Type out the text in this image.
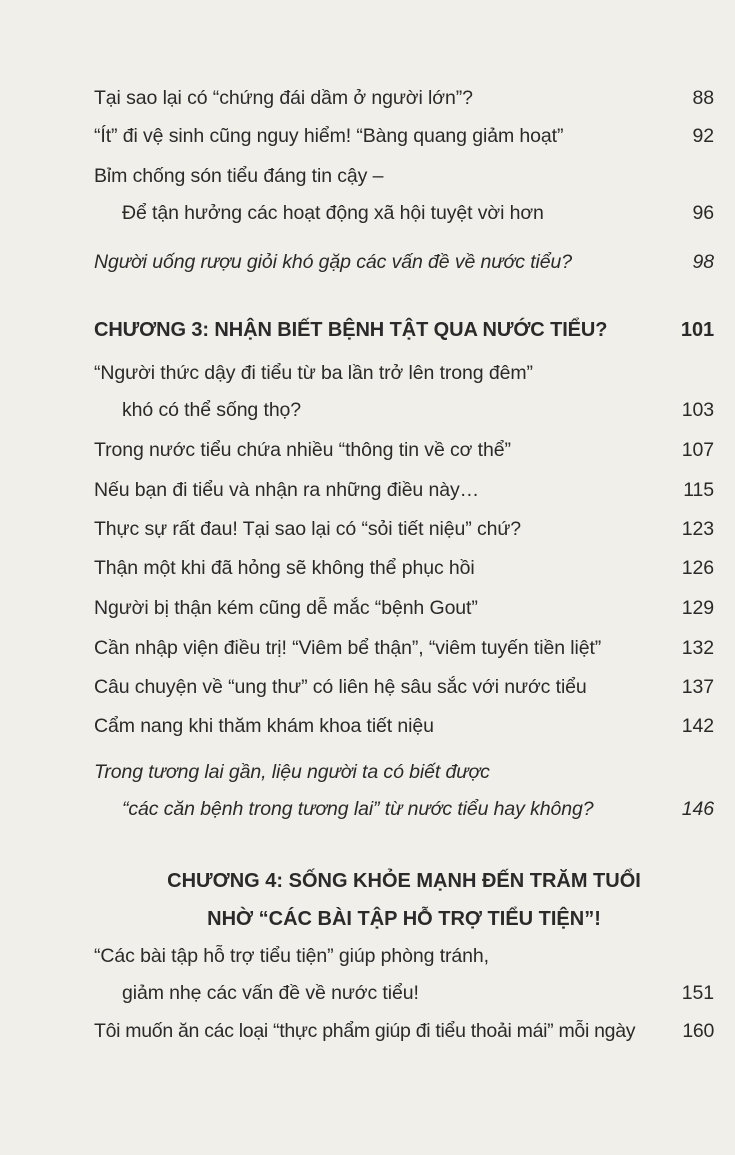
Tại sao lại có “chứng đái dầm ở người lớn”?	88
“Ít” đi vệ sinh cũng nguy hiểm! “Bàng quang giảm hoạt”	92
Bỉm chống són tiểu đáng tin cậy –
Để tận hưởng các hoạt động xã hội tuyệt vời hơn	96
Người uống rượu giỏi khó gặp các vấn đề về nước tiểu?	98
CHƯƠNG 3: NHẬN BIẾT BỆNH TẬT QUA NƯỚC TIỂU?	101
“Người thức dậy đi tiểu từ ba lần trở lên trong đêm”
khó có thể sống thọ?	103
Trong nước tiểu chứa nhiều “thông tin về cơ thể”	107
Nếu bạn đi tiểu và nhận ra những điều này…	115
Thực sự rất đau! Tại sao lại có “sỏi tiết niệu” chứ?	123
Thận một khi đã hỏng sẽ không thể phục hồi	126
Người bị thận kém cũng dễ mắc “bệnh Gout”	129
Cần nhập viện điều trị! “Viêm bể thận”, “viêm tuyến tiền liệt”	132
Câu chuyện về “ung thư” có liên hệ sâu sắc với nước tiểu	137
Cẩm nang khi thăm khám khoa tiết niệu	142
Trong tương lai gần, liệu người ta có biết được
“các căn bệnh trong tương lai” từ nước tiểu hay không?	146
CHƯƠNG 4: SỐNG KHỎE MẠNH ĐẾN TRĂM TUỔI
NHỜ “CÁC BÀI TẬP HỖ TRỢ TIỂU TIỆN”!
“Các bài tập hỗ trợ tiểu tiện” giúp phòng tránh,
giảm nhẹ các vấn đề về nước tiểu!	151
Tôi muốn ăn các loại “thực phẩm giúp đi tiểu thoải mái” mỗi ngày	160
